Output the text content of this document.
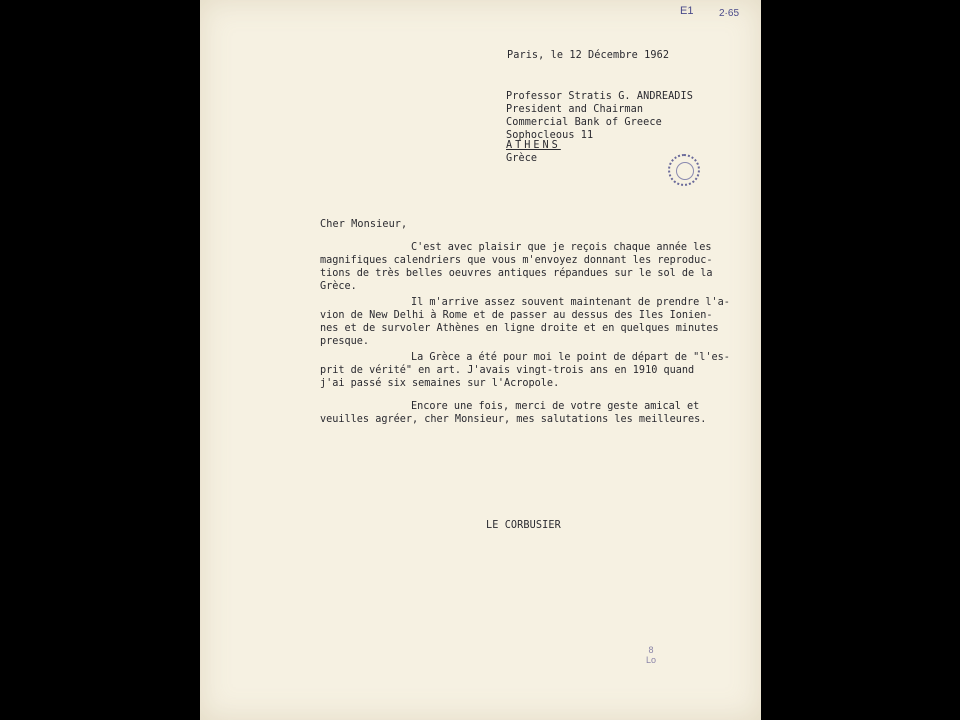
E1	2·65
Paris, le 12 Décembre 1962
Professor Stratis G. ANDREADIS
President and Chairman
Commercial Bank of Greece
Sophocleous 11
ATHENS
Grèce
Cher Monsieur,
C'est avec plaisir que je reçois chaque année les
magnifiques calendriers que vous m'envoyez donnant les reproduc-
tions de très belles oeuvres antiques répandues sur le sol de la
Grèce.
Il m'arrive assez souvent maintenant de prendre l'a-
vion de New Delhi à Rome et de passer au dessus des Iles Ionien-
nes et de survoler Athènes en ligne droite et en quelques minutes
presque.
La Grèce a été pour moi le point de départ de "l'es-
prit de vérité" en art. J'avais vingt-trois ans en 1910 quand
j'ai passé six semaines sur l'Acropole.
Encore une fois, merci de votre geste amical et
veuilles agréer, cher Monsieur, mes salutations les meilleures.
LE CORBUSIER
8
Lo
